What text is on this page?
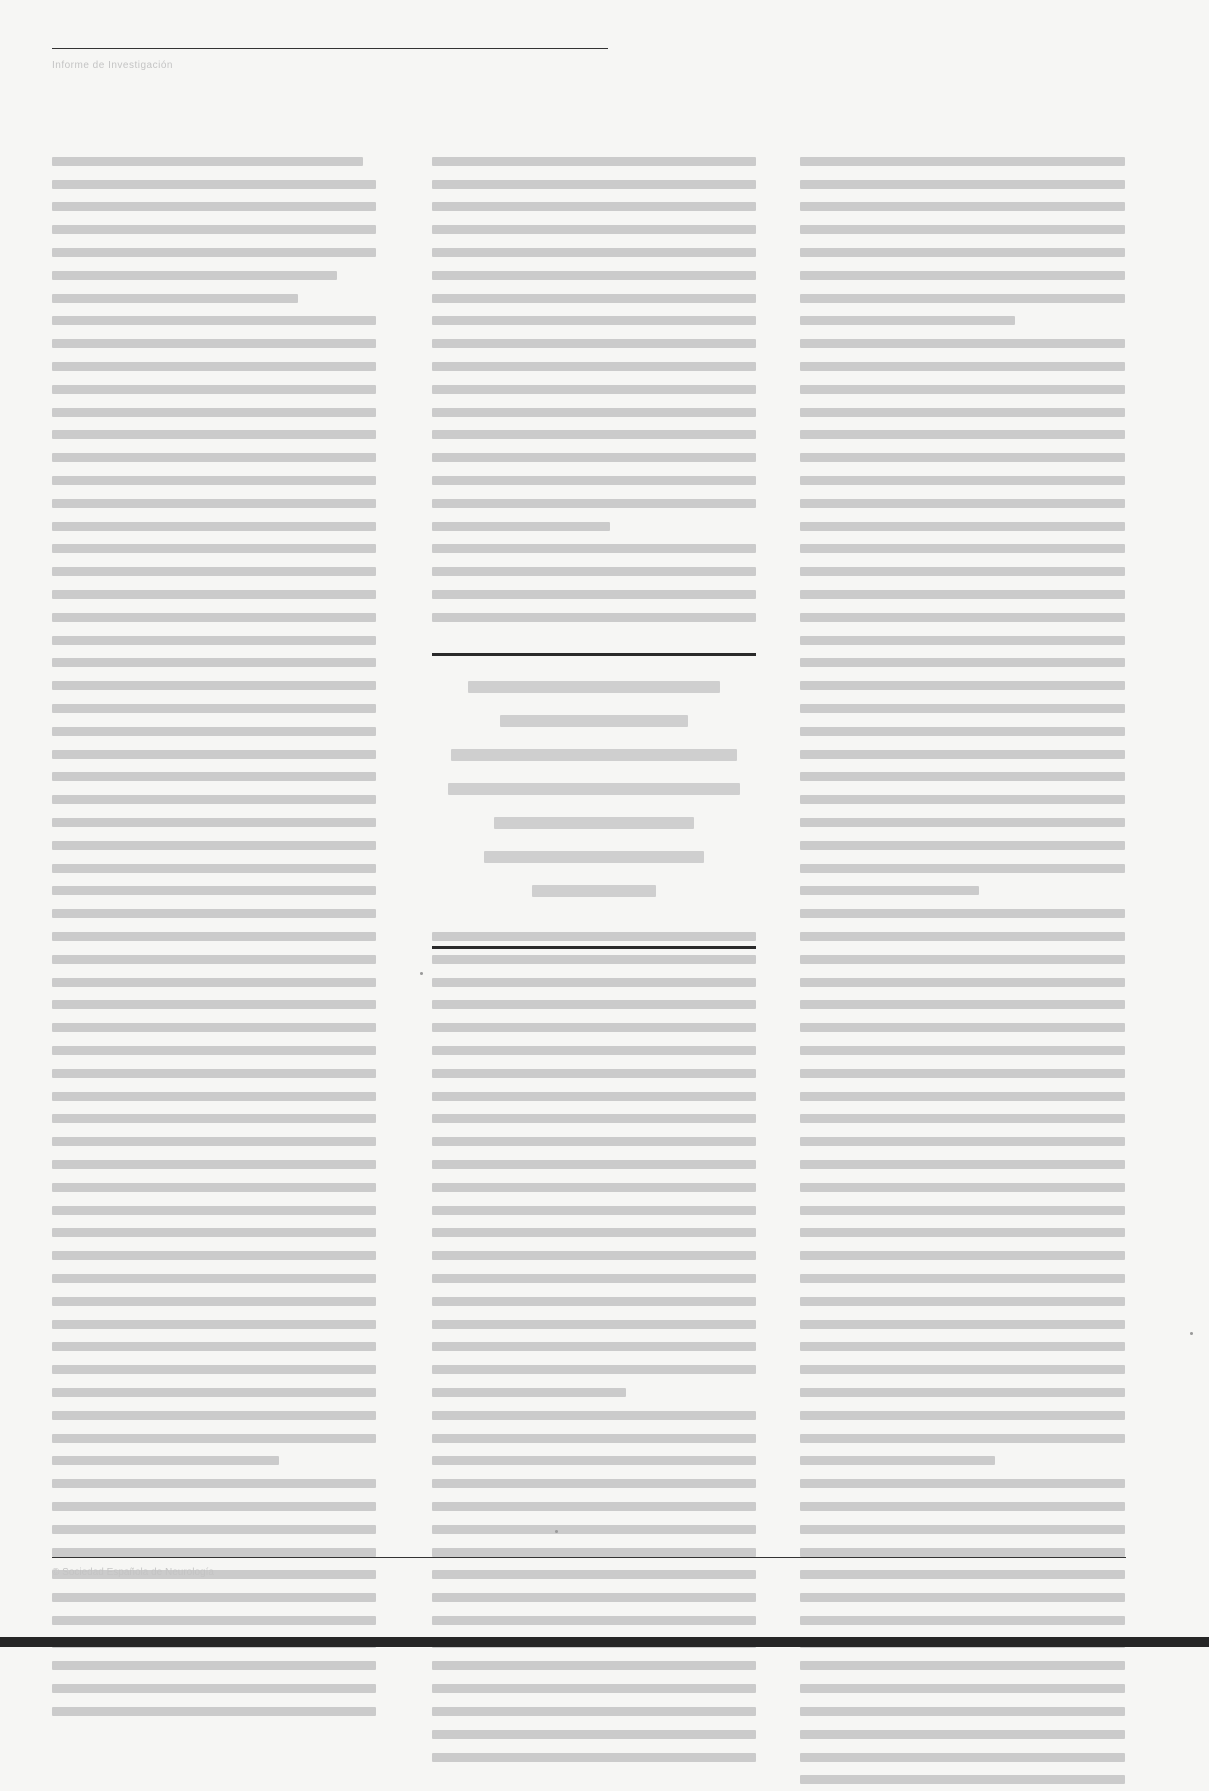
Informe de Investigación
© Sociedad Española de Neurología
